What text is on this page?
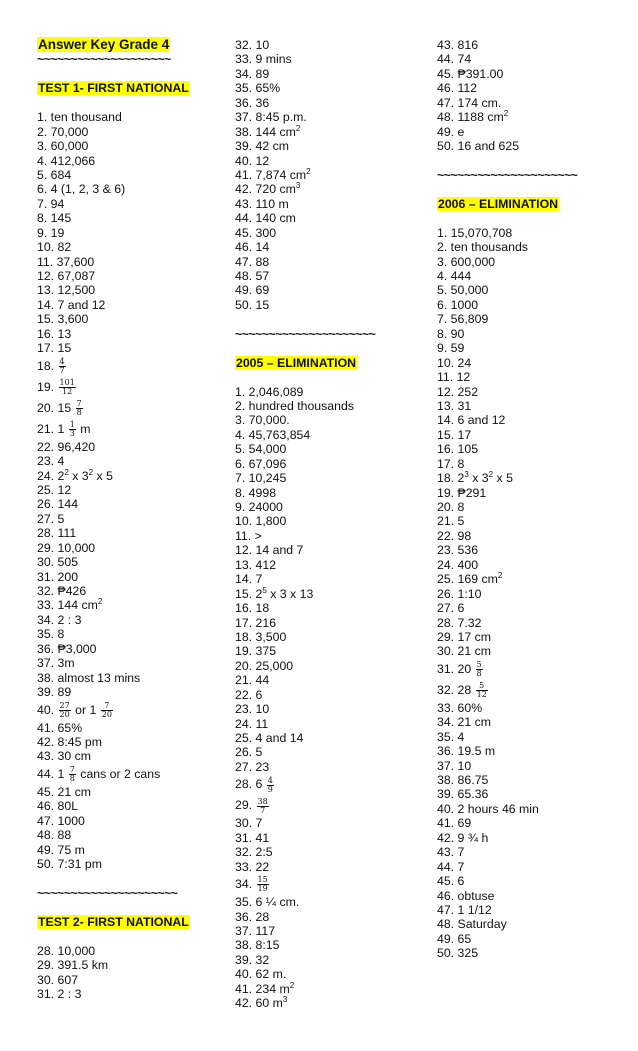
Answer Key Grade 4
~~~~~~~~~~~~~~~~~~~~
TEST 1- FIRST NATIONAL
1. ten thousand
2. 70,000
3. 60,000
4. 412,066
5. 684
6. 4 (1, 2, 3 & 6)
7. 94
8. 145
9. 19
10. 82
11. 37,600
12. 67,087
13. 12,500
14. 7 and 12
15. 3,600
16. 13
17. 15
18. $\frac{4}{7}$
19. $\frac{101}{12}$
20. $15 \frac{7}{8}$
21. $1 \frac{1}{3}$ m
22. 96,420
23. 4
24. $2^2$ x $3^2$ x 5
25. 12
26. 144
27. 5
28. 111
29. 10,000
30. 505
31. 200
32. ₱426
33. 144 $cm^2$
34. 2 : 3
35. 8
36. ₱3,000
37. 3m
38. almost 13 mins
39. 89
40. $\frac{27}{20}$ or $1 \frac{7}{20}$
41. 65%
42. 8:45 pm
43. 30 cm
44. $1 \frac{7}{8}$ cans or 2 cans
45. 21 cm
46. 80L
47. 1000
48. 88
49. 75 m
50. 7:31 pm
~~~~~~~~~~~~~~~~~~~~~
TEST 2- FIRST NATIONAL
28. 10,000
29. 391.5 km
30. 607
31. 2 : 3
32. 10
33. 9 mins
34. 89
35. 65%
36. 36
37. 8:45 p.m.
38. 144 $cm^2$
39. 42 cm
40. 12
41. 7,874 $cm^2$
42. 720 $cm^3$
43. 110 m
44. 140 cm
45. 300
46. 14
47. 88
48. 57
49. 69
50. 15
~~~~~~~~~~~~~~~~~~~~~
2005 – ELIMINATION
1. 2,046,089
2. hundred thousands
3. 70,000.
4. 45,763,854
5. 54,000
6. 67,096
7. 10,245
8. 4998
9. 24000
10. 1,800
11. >
12. 14 and 7
13. 412
14. 7
15. $2^5$ x 3 x 13
16. 18
17. 216
18. 3,500
19. 375
20. 25,000
21. 44
22. 6
23. 10
24. 11
25. 4 and 14
26. 5
27. 23
28. $6 \frac{4}{9}$
29. $\frac{38}{7}$
30. 7
31. 41
32. 2:5
33. 22
34. $\frac{15}{19}$
35. 6 ¼ cm.
36. 28
37. 117
38. 8:15
39. 32
40. 62 m.
41. 234 $m^2$
42. 60 $m^3$
43. 816
44. 74
45. ₱391.00
46. 112
47. 174 cm.
48. 1188 $cm^2$
49. e
50. 16 and 625
~~~~~~~~~~~~~~~~~~~~~
2006 – ELIMINATION
1. 15,070,708
2. ten thousands
3. 600,000
4. 444
5. 50,000
6. 1000
7. 56,809
8. 90
9. 59
10. 24
11. 12
12. 252
13. 31
14. 6 and 12
15. 17
16. 105
17. 8
18. $2^3$ x $3^2$ x 5
19. ₱291
20. 8
21. 5
22. 98
23. 536
24. 400
25. 169 $cm^2$
26. 1:10
27. 6
28. 7.32
29. 17 cm
30. 21 cm
31. $20 \frac{5}{8}$
32. $28 \frac{5}{12}$
33. 60%
34. 21 cm
35. 4
36. 19.5 m
37. 10
38. 86.75
39. 65.36
40. 2 hours 46 min
41. 69
42. 9 ¾ h
43. 7
44. 7
45. 6
46. obtuse
47. 1 1/12
48. Saturday
49. 65
50. 325
